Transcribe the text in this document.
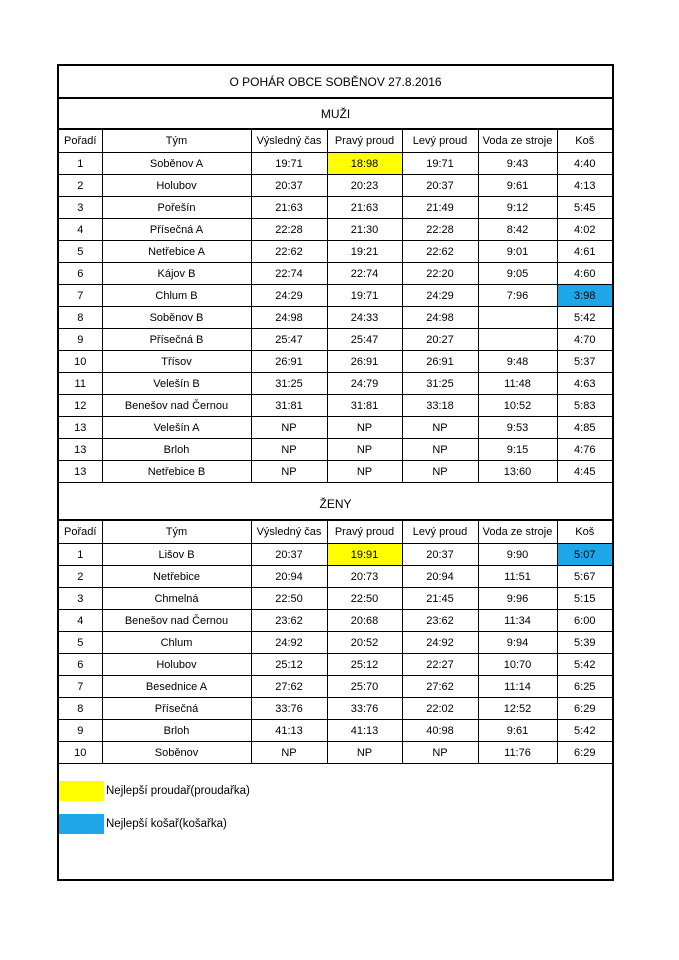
O POHÁR OBCE SOBĚNOV 27.8.2016
MUŽI
Pořadí	Tým	Výsledný čas	Pravý proud	Levý proud	Voda ze stroje	Koš
1	Soběnov A	19:71	18:98	19:71	9:43	4:40
2	Holubov	20:37	20:23	20:37	9:61	4:13
3	Pořešín	21:63	21:63	21:49	9:12	5:45
4	Přísečná A	22:28	21:30	22:28	8:42	4:02
5	Netřebice A	22:62	19:21	22:62	9:01	4:61
6	Kájov B	22:74	22:74	22:20	9:05	4:60
7	Chlum B	24:29	19:71	24:29	7:96	3:98
8	Soběnov B	24:98	24:33	24:98		5:42
9	Přísečná B	25:47	25:47	20:27		4:70
10	Třísov	26:91	26:91	26:91	9:48	5:37
11	Velešín B	31:25	24:79	31:25	11:48	4:63
12	Benešov nad Černou	31:81	31:81	33:18	10:52	5:83
13	Velešín A	NP	NP	NP	9:53	4:85
13	Brloh	NP	NP	NP	9:15	4:76
13	Netřebice B	NP	NP	NP	13:60	4:45
ŽENY
Pořadí	Tým	Výsledný čas	Pravý proud	Levý proud	Voda ze stroje	Koš
1	Lišov B	20:37	19:91	20:37	9:90	5:07
2	Netřebice	20:94	20:73	20:94	11:51	5:67
3	Chmelná	22:50	22:50	21:45	9:96	5:15
4	Benešov nad Černou	23:62	20:68	23:62	11:34	6:00
5	Chlum	24:92	20:52	24:92	9:94	5:39
6	Holubov	25:12	25:12	22:27	10:70	5:42
7	Besednice A	27:62	25:70	27:62	11:14	6:25
8	Přísečná	33:76	33:76	22:02	12:52	6:29
9	Brloh	41:13	41:13	40:98	9:61	5:42
10	Soběnov	NP	NP	NP	11:76	6:29
Nejlepší proudař(proudařka)
Nejlepší košař(košařka)
